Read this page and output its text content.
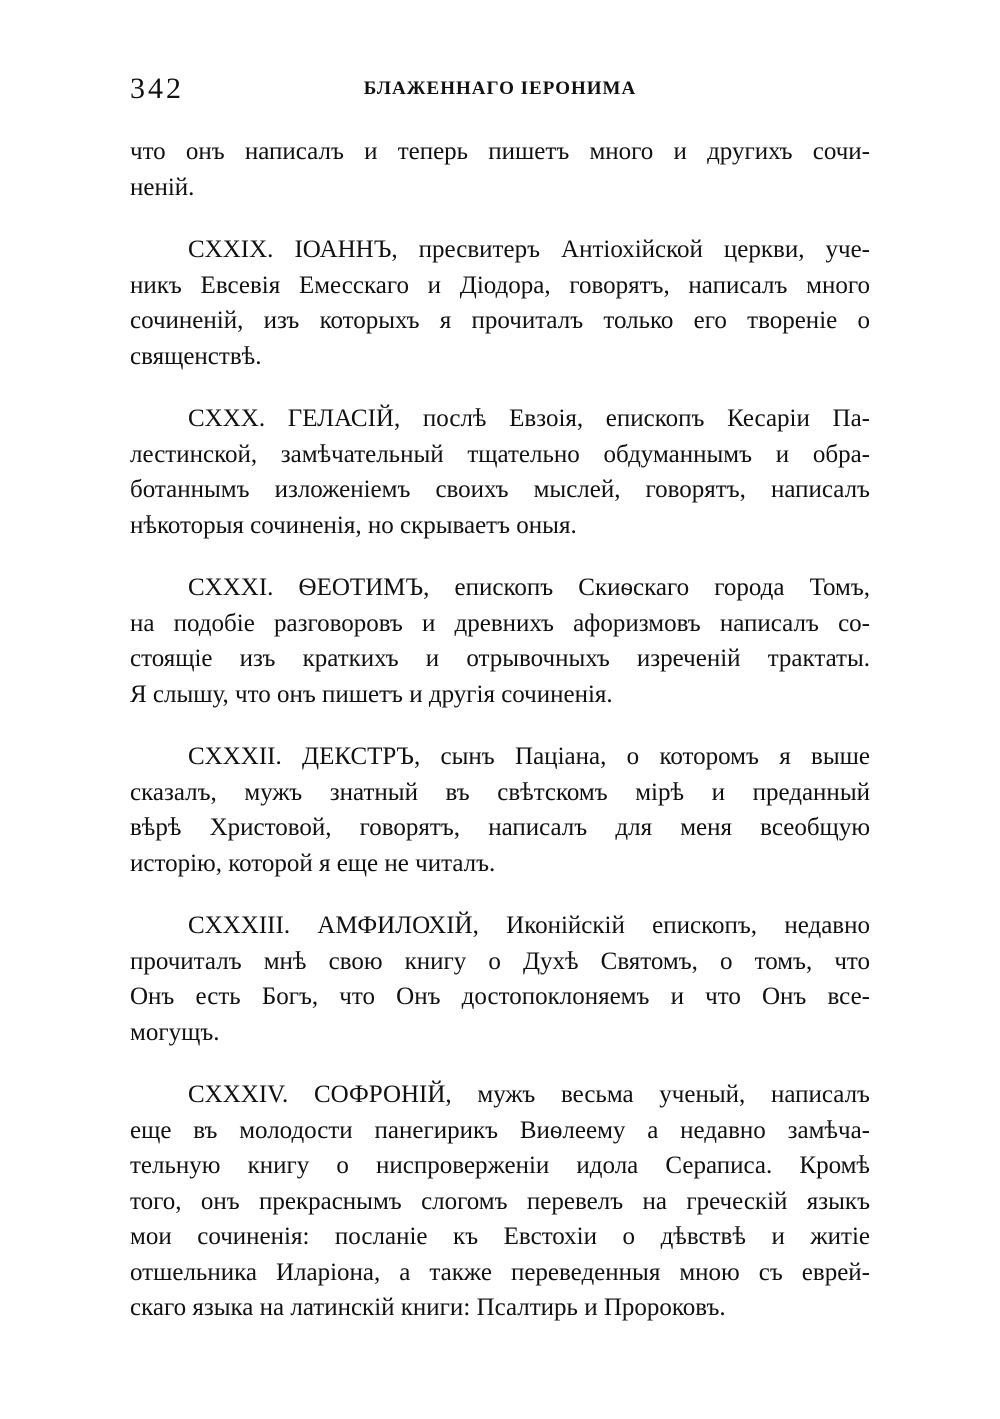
342	БЛАЖЕННАГО ІЕРОНИМА
что онъ написалъ и теперь пишетъ много и другихъ сочи-
неній.
CXXIX. ІОАННЪ, пресвитеръ Антіохійской церкви, уче-
никъ Евсевія Емесскаго и Діодора, говорятъ, написалъ много
сочиненій, изъ которыхъ я прочиталъ только его твореніе о
священствѣ.
CXXX. ГЕЛАСІЙ, послѣ Евзоія, епископъ Кесаріи Па-
лестинской, замѣчательный тщательно обдуманнымъ и обра-
ботаннымъ изложеніемъ своихъ мыслей, говорятъ, написалъ
нѣкоторыя сочиненія, но скрываетъ оныя.
CXXXI. ѲЕОТИМЪ, епископъ Скиѳскаго города Томъ,
на подобіе разговоровъ и древнихъ афоризмовъ написалъ со-
стоящіе изъ краткихъ и отрывочныхъ изреченій трактаты.
Я слышу, что онъ пишетъ и другія сочиненія.
CXXXII. ДЕКСТРЪ, сынъ Паціана, о которомъ я выше
сказалъ, мужъ знатный въ свѣтскомъ мірѣ и преданный
вѣрѣ Христовой, говорятъ, написалъ для меня всеобщую
исторію, которой я еще не читалъ.
CXXXIII. АМФИЛОХІЙ, Иконійскій епископъ, недавно
прочиталъ мнѣ свою книгу о Духѣ Святомъ, о томъ, что
Онъ есть Богъ, что Онъ достопоклоняемъ и что Онъ все-
могущъ.
CXXXIV. СОФРОНІЙ, мужъ весьма ученый, написалъ
еще въ молодости панегирикъ Виѳлеему а недавно замѣча-
тельную книгу о ниспроверженіи идола Сераписа. Кромѣ
того, онъ прекраснымъ слогомъ перевелъ на греческій языкъ
мои сочиненія: посланіе къ Евстохіи о дѣвствѣ и житіе
отшельника Иларіона, а также переведенныя мною съ еврей-
скаго языка на латинскій книги: Псалтирь и Пророковъ.
